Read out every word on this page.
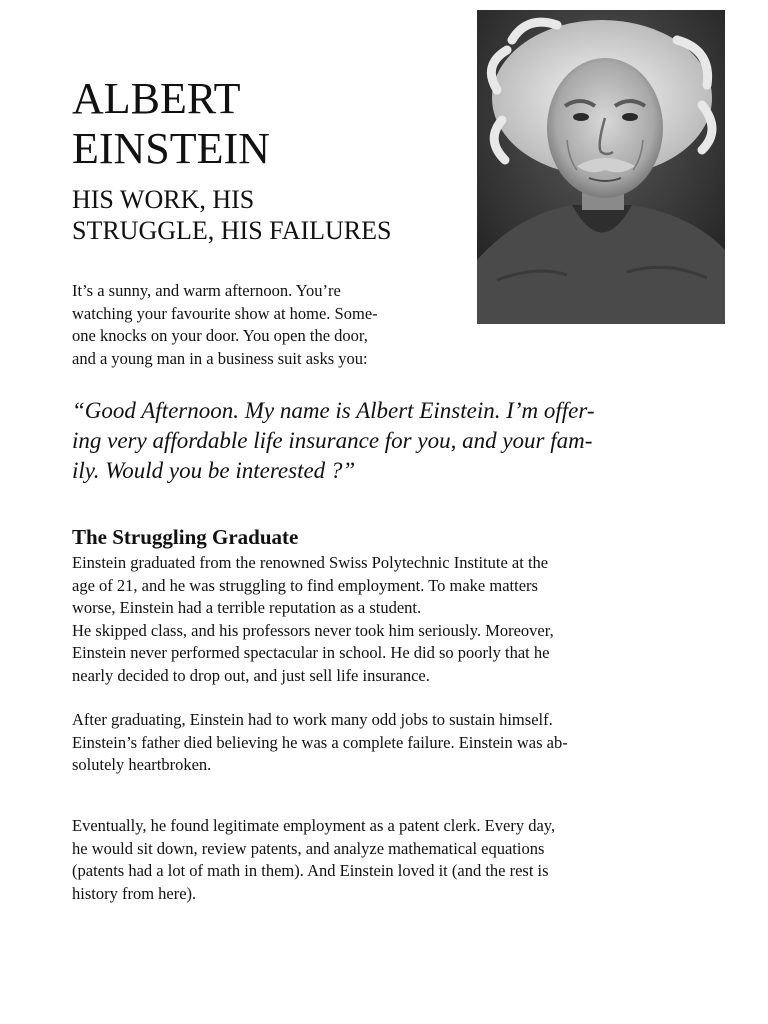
ALBERT
EINSTEIN
HIS WORK, HIS
STRUGGLE, HIS FAILURES

It’s a sunny, and warm afternoon. You’re
watching your favourite show at home. Some-
one knocks on your door. You open the door,
and a young man in a business suit asks you:

“Good Afternoon. My name is Albert Einstein. I’m offer-
ing very affordable life insurance for you, and your fam-
ily. Would you be interested ?”
The Struggling Graduate

Einstein graduated from the renowned Swiss Polytechnic Institute at the
age of 21, and he was struggling to find employment. To make matters
worse, Einstein had a terrible reputation as a student.
He skipped class, and his professors never took him seriously. Moreover,
Einstein never performed spectacular in school. He did so poorly that he
nearly decided to drop out, and just sell life insurance.

After graduating, Einstein had to work many odd jobs to sustain himself.
Einstein’s father died believing he was a complete failure. Einstein was ab-
solutely heartbroken.

Eventually, he found legitimate employment as a patent clerk. Every day,
he would sit down, review patents, and analyze mathematical equations
(patents had a lot of math in them). And Einstein loved it (and the rest is
history from here).
